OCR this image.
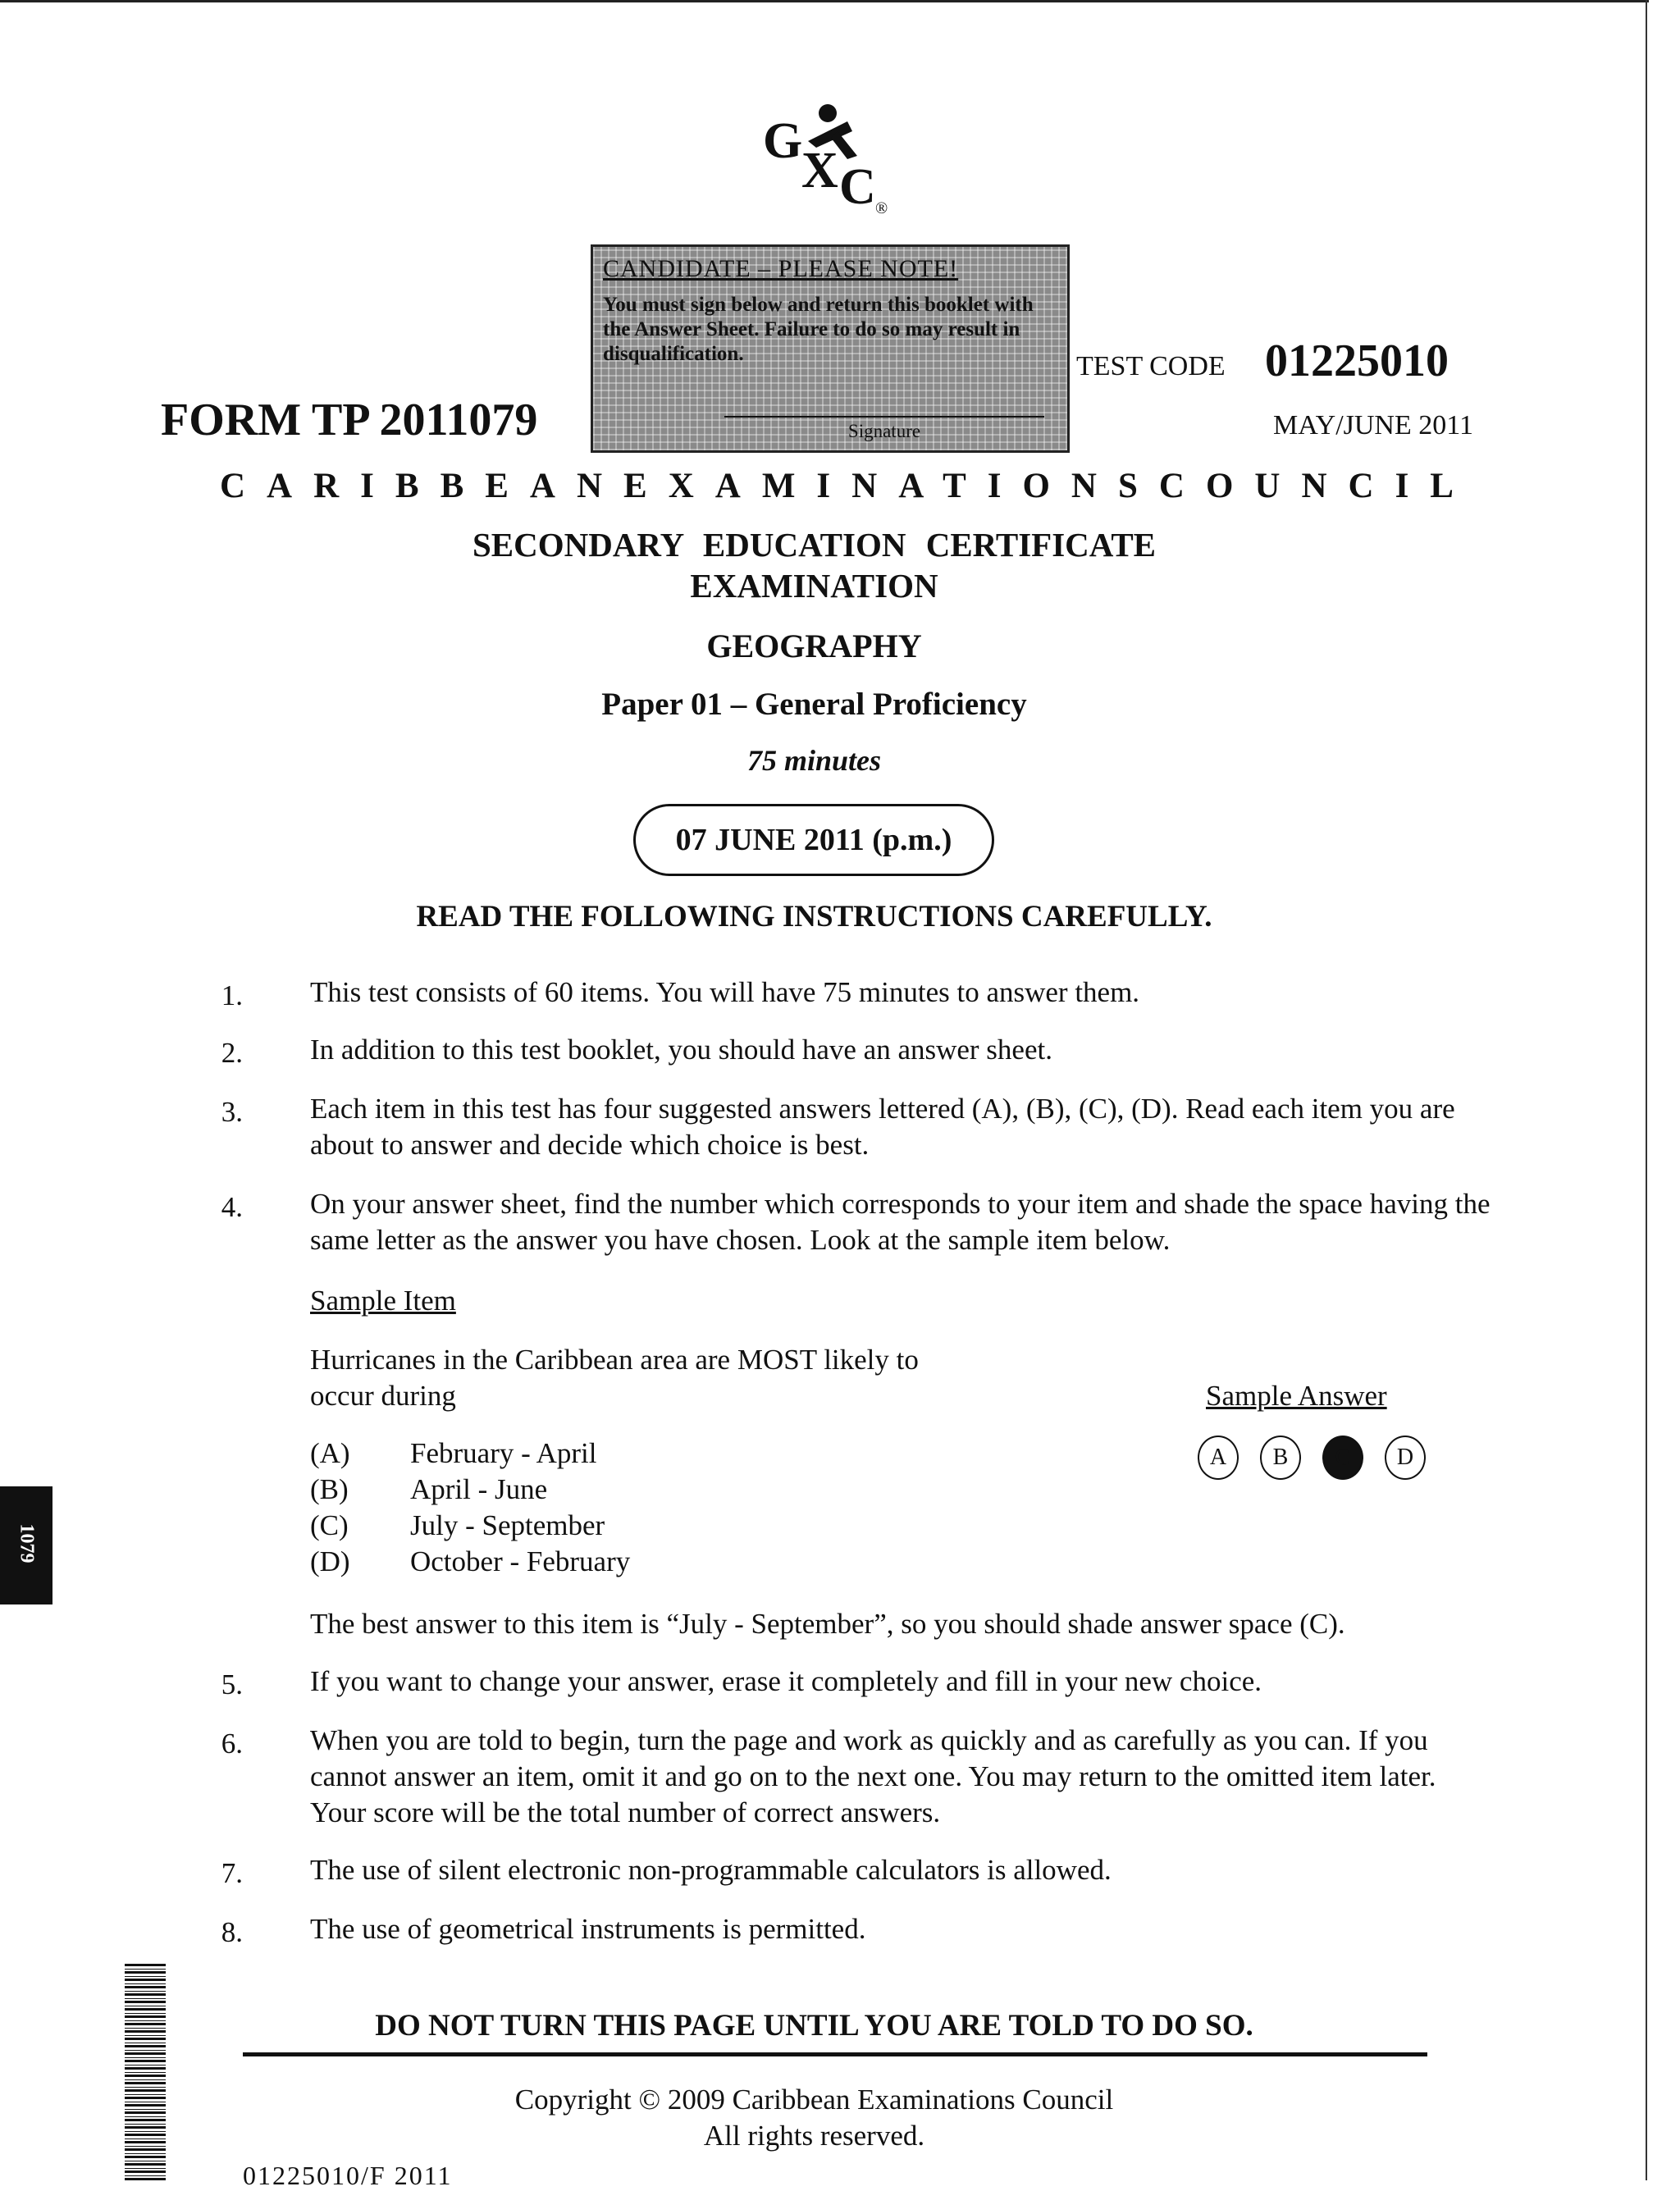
G
X C ®
CANDIDATE – PLEASE NOTE!
You must sign below and return this booklet with the Answer Sheet. Failure to do so may result in disqualification.
Signature
FORM TP 2011079
TEST CODE 01225010
MAY/JUNE 2011
CARIBBEAN EXAMINATIONS COUNCIL
SECONDARY EDUCATION CERTIFICATE
EXAMINATION
GEOGRAPHY
Paper 01 – General Proficiency
75 minutes
07 JUNE 2011 (p.m.)
READ THE FOLLOWING INSTRUCTIONS CAREFULLY.
1. This test consists of 60 items. You will have 75 minutes to answer them.
2. In addition to this test booklet, you should have an answer sheet.
3. Each item in this test has four suggested answers lettered (A), (B), (C), (D). Read each item you are about to answer and decide which choice is best.
4. On your answer sheet, find the number which corresponds to your item and shade the space having the same letter as the answer you have chosen. Look at the sample item below.
Sample Item
Hurricanes in the Caribbean area are MOST likely to occur during
(A) February - April
(B) April - June
(C) July - September
(D) October - February
Sample Answer
A	B	C	D
The best answer to this item is “July - September”, so you should shade answer space (C).
5. If you want to change your answer, erase it completely and fill in your new choice.
6. When you are told to begin, turn the page and work as quickly and as carefully as you can. If you cannot answer an item, omit it and go on to the next one. You may return to the omitted item later. Your score will be the total number of correct answers.
7. The use of silent electronic non-programmable calculators is allowed.
8. The use of geometrical instruments is permitted.
DO NOT TURN THIS PAGE UNTIL YOU ARE TOLD TO DO SO.
Copyright © 2009 Caribbean Examinations Council
All rights reserved.
01225010/F 2011
1079
